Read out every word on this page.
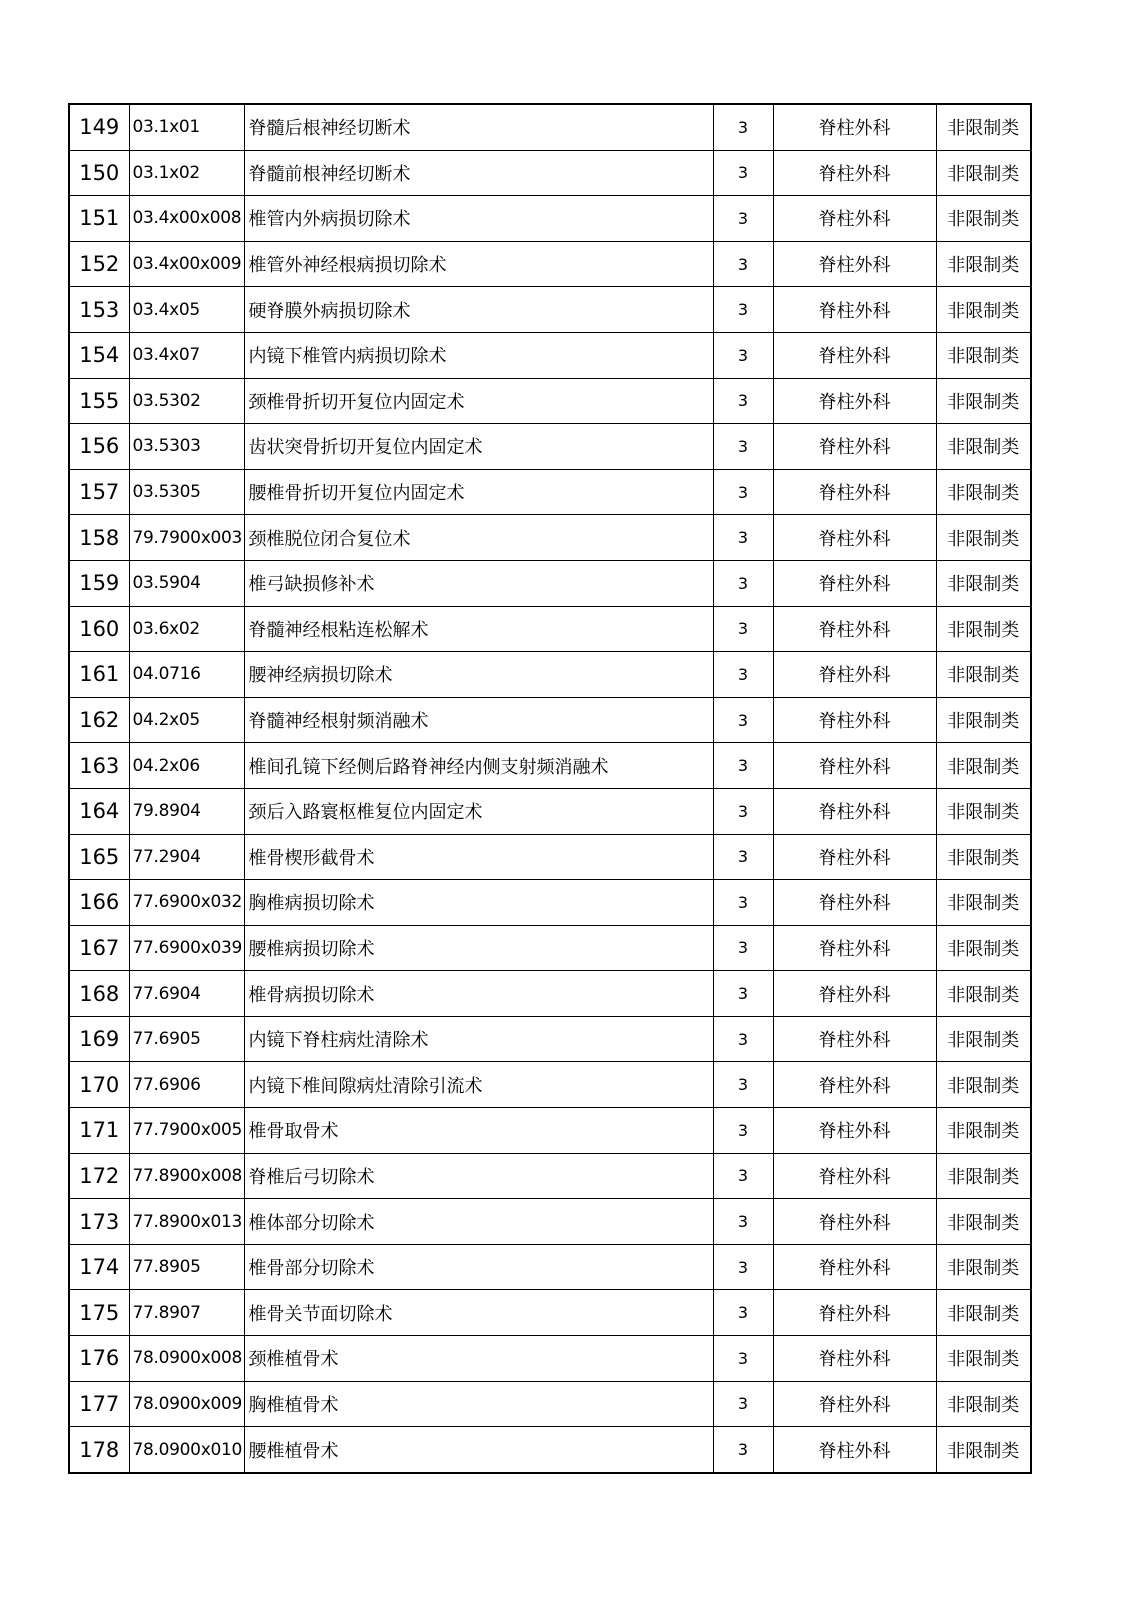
149	03.1x01	脊髓后根神经切断术	3	脊柱外科	非限制类
150	03.1x02	脊髓前根神经切断术	3	脊柱外科	非限制类
151	03.4x00x008	椎管内外病损切除术	3	脊柱外科	非限制类
152	03.4x00x009	椎管外神经根病损切除术	3	脊柱外科	非限制类
153	03.4x05	硬脊膜外病损切除术	3	脊柱外科	非限制类
154	03.4x07	内镜下椎管内病损切除术	3	脊柱外科	非限制类
155	03.5302	颈椎骨折切开复位内固定术	3	脊柱外科	非限制类
156	03.5303	齿状突骨折切开复位内固定术	3	脊柱外科	非限制类
157	03.5305	腰椎骨折切开复位内固定术	3	脊柱外科	非限制类
158	79.7900x003	颈椎脱位闭合复位术	3	脊柱外科	非限制类
159	03.5904	椎弓缺损修补术	3	脊柱外科	非限制类
160	03.6x02	脊髓神经根粘连松解术	3	脊柱外科	非限制类
161	04.0716	腰神经病损切除术	3	脊柱外科	非限制类
162	04.2x05	脊髓神经根射频消融术	3	脊柱外科	非限制类
163	04.2x06	椎间孔镜下经侧后路脊神经内侧支射频消融术	3	脊柱外科	非限制类
164	79.8904	颈后入路寰枢椎复位内固定术	3	脊柱外科	非限制类
165	77.2904	椎骨楔形截骨术	3	脊柱外科	非限制类
166	77.6900x032	胸椎病损切除术	3	脊柱外科	非限制类
167	77.6900x039	腰椎病损切除术	3	脊柱外科	非限制类
168	77.6904	椎骨病损切除术	3	脊柱外科	非限制类
169	77.6905	内镜下脊柱病灶清除术	3	脊柱外科	非限制类
170	77.6906	内镜下椎间隙病灶清除引流术	3	脊柱外科	非限制类
171	77.7900x005	椎骨取骨术	3	脊柱外科	非限制类
172	77.8900x008	脊椎后弓切除术	3	脊柱外科	非限制类
173	77.8900x013	椎体部分切除术	3	脊柱外科	非限制类
174	77.8905	椎骨部分切除术	3	脊柱外科	非限制类
175	77.8907	椎骨关节面切除术	3	脊柱外科	非限制类
176	78.0900x008	颈椎植骨术	3	脊柱外科	非限制类
177	78.0900x009	胸椎植骨术	3	脊柱外科	非限制类
178	78.0900x010	腰椎植骨术	3	脊柱外科	非限制类
